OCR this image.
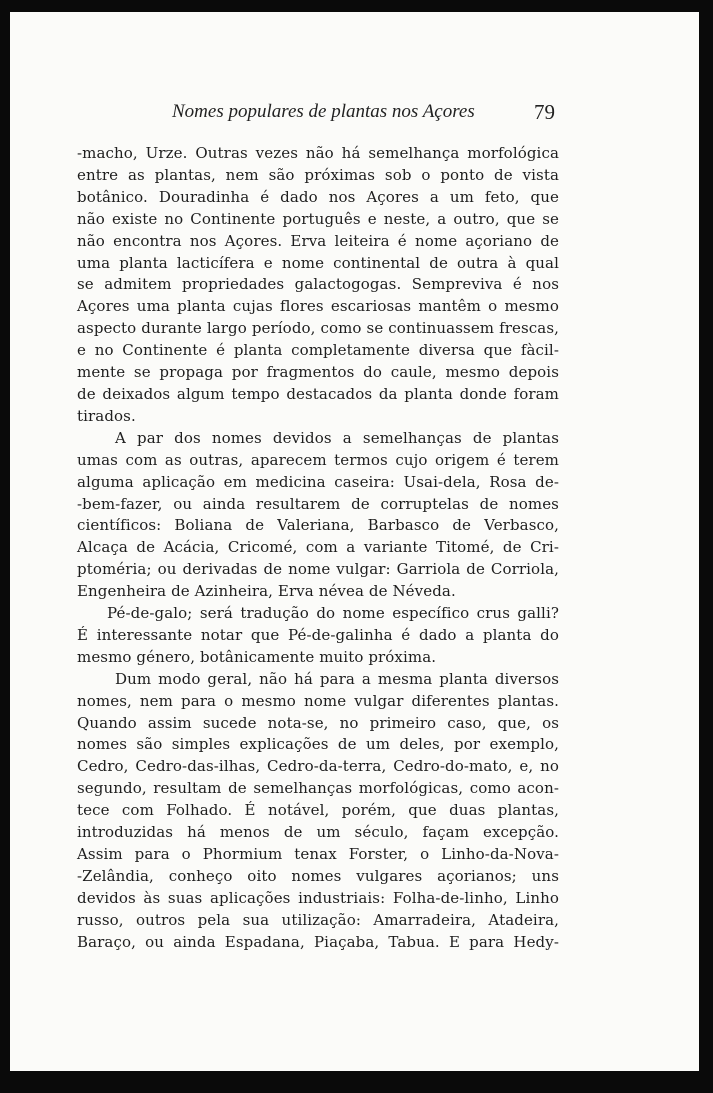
Nomes populares de plantas nos Açores	79
-macho, Urze. Outras vezes não há semelhança morfológica
entre as plantas, nem são próximas sob o ponto de vista
botânico. Douradinha é dado nos Açores a um feto, que
não existe no Continente português e neste, a outro, que se
não encontra nos Açores. Erva leiteira é nome açoriano de
uma planta lacticífera e nome continental de outra à qual
se admitem propriedades galactogogas. Sempreviva é nos
Açores uma planta cujas flores escariosas mantêm o mesmo
aspecto durante largo período, como se continuassem frescas,
e no Continente é planta completamente diversa que fàcil-
mente se propaga por fragmentos do caule, mesmo depois
de deixados algum tempo destacados da planta donde foram
tirados.
A par dos nomes devidos a semelhanças de plantas
umas com as outras, aparecem termos cujo origem é terem
alguma aplicação em medicina caseira: Usai-dela, Rosa de-
-bem-fazer, ou ainda resultarem de corruptelas de nomes
científicos: Boliana de Valeriana, Barbasco de Verbasco,
Alcaça de Acácia, Cricomé, com a variante Titomé, de Cri-
ptoméria; ou derivadas de nome vulgar: Garriola de Corriola,
Engenheira de Azinheira, Erva névea de Néveda.
Pé-de-galo; será tradução do nome específico crus galli?
É interessante notar que Pé-de-galinha é dado a planta do
mesmo género, botânicamente muito próxima.
Dum modo geral, não há para a mesma planta diversos
nomes, nem para o mesmo nome vulgar diferentes plantas.
Quando assim sucede nota-se, no primeiro caso, que, os
nomes são simples explicações de um deles, por exemplo,
Cedro, Cedro-das-ilhas, Cedro-da-terra, Cedro-do-mato, e, no
segundo, resultam de semelhanças morfológicas, como acon-
tece com Folhado. É notável, porém, que duas plantas,
introduzidas há menos de um século, façam excepção.
Assim para o Phormium tenax Forster, o Linho-da-Nova-
-Zelândia, conheço oito nomes vulgares açorianos; uns
devidos às suas aplicações industriais: Folha-de-linho, Linho
russo, outros pela sua utilização: Amarradeira, Atadeira,
Baraço, ou ainda Espadana, Piaçaba, Tabua. E para Hedy-
